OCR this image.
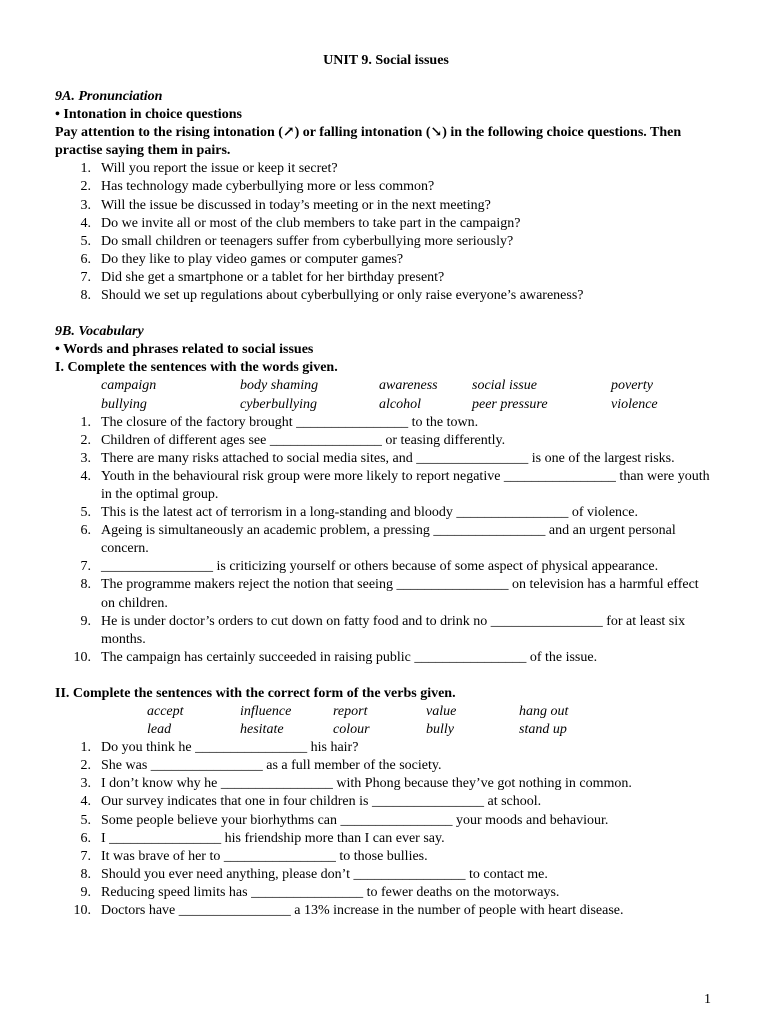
UNIT 9. Social issues
9A. Pronunciation
• Intonation in choice questions
Pay attention to the rising intonation (↗) or falling intonation (↘) in the following choice questions. Then practise saying them in pairs.
1. Will you report the issue or keep it secret?
2. Has technology made cyberbullying more or less common?
3. Will the issue be discussed in today’s meeting or in the next meeting?
4. Do we invite all or most of the club members to take part in the campaign?
5. Do small children or teenagers suffer from cyberbullying more seriously?
6. Do they like to play video games or computer games?
7. Did she get a smartphone or a tablet for her birthday present?
8. Should we set up regulations about cyberbullying or only raise everyone’s awareness?
9B. Vocabulary
• Words and phrases related to social issues
I. Complete the sentences with the words given.
campaign	body shaming	awareness	social issue	poverty
bullying	cyberbullying	alcohol	peer pressure	violence
1. The closure of the factory brought ________________ to the town.
2. Children of different ages see ________________ or teasing differently.
3. There are many risks attached to social media sites, and ________________ is one of the largest risks.
4. Youth in the behavioural risk group were more likely to report negative ________________ than were youth in the optimal group.
5. This is the latest act of terrorism in a long-standing and bloody ________________ of violence.
6. Ageing is simultaneously an academic problem, a pressing ________________ and an urgent personal concern.
7. ________________ is criticizing yourself or others because of some aspect of physical appearance.
8. The programme makers reject the notion that seeing ________________ on television has a harmful effect on children.
9. He is under doctor’s orders to cut down on fatty food and to drink no ________________ for at least six months.
10. The campaign has certainly succeeded in raising public ________________ of the issue.
II. Complete the sentences with the correct form of the verbs given.
accept	influence	report	value	hang out
lead	hesitate	colour	bully	stand up
1. Do you think he ________________ his hair?
2. She was ________________ as a full member of the society.
3. I don’t know why he ________________ with Phong because they’ve got nothing in common.
4. Our survey indicates that one in four children is ________________ at school.
5. Some people believe your biorhythms can ________________ your moods and behaviour.
6. I ________________ his friendship more than I can ever say.
7. It was brave of her to ________________ to those bullies.
8. Should you ever need anything, please don’t ________________ to contact me.
9. Reducing speed limits has ________________ to fewer deaths on the motorways.
10. Doctors have ________________ a 13% increase in the number of people with heart disease.
1
